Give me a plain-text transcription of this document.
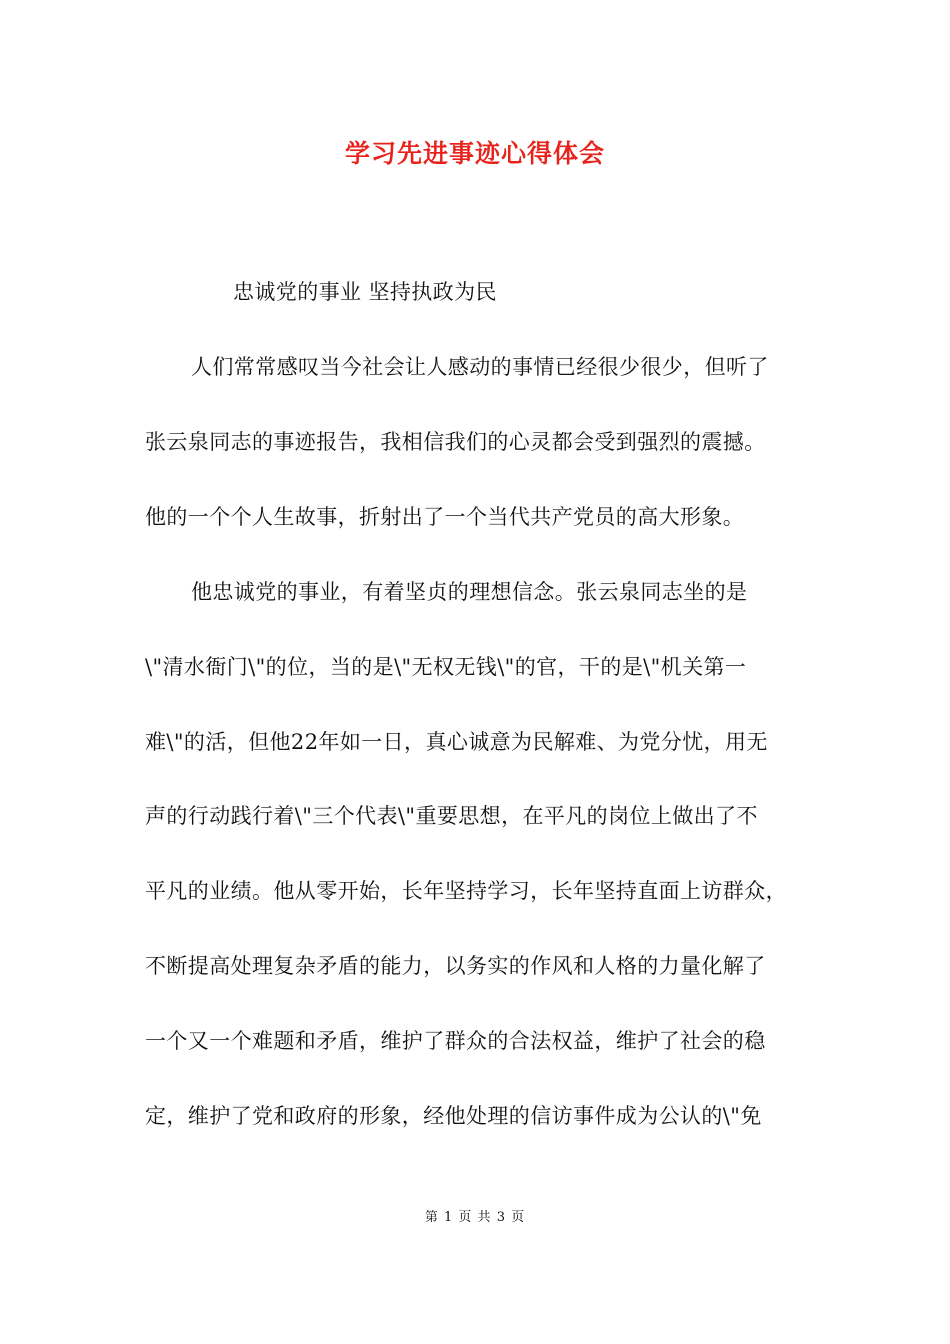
学习先进事迹心得体会
忠诚党的事业 坚持执政为民
人们常常感叹当今社会让人感动的事情已经很少很少，但听了
张云泉同志的事迹报告，我相信我们的心灵都会受到强烈的震撼。
他的一个个人生故事，折射出了一个当代共产党员的高大形象。
他忠诚党的事业，有着坚贞的理想信念。张云泉同志坐的是
\"清水衙门\"的位，当的是\"无权无钱\"的官，干的是\"机关第一
难\"的活，但他22年如一日，真心诚意为民解难、为党分忧，用无
声的行动践行着\"三个代表\"重要思想，在平凡的岗位上做出了不
平凡的业绩。他从零开始，长年坚持学习，长年坚持直面上访群众，
不断提高处理复杂矛盾的能力，以务实的作风和人格的力量化解了
一个又一个难题和矛盾，维护了群众的合法权益，维护了社会的稳
定，维护了党和政府的形象，经他处理的信访事件成为公认的\"免
第 1 页 共 3 页
